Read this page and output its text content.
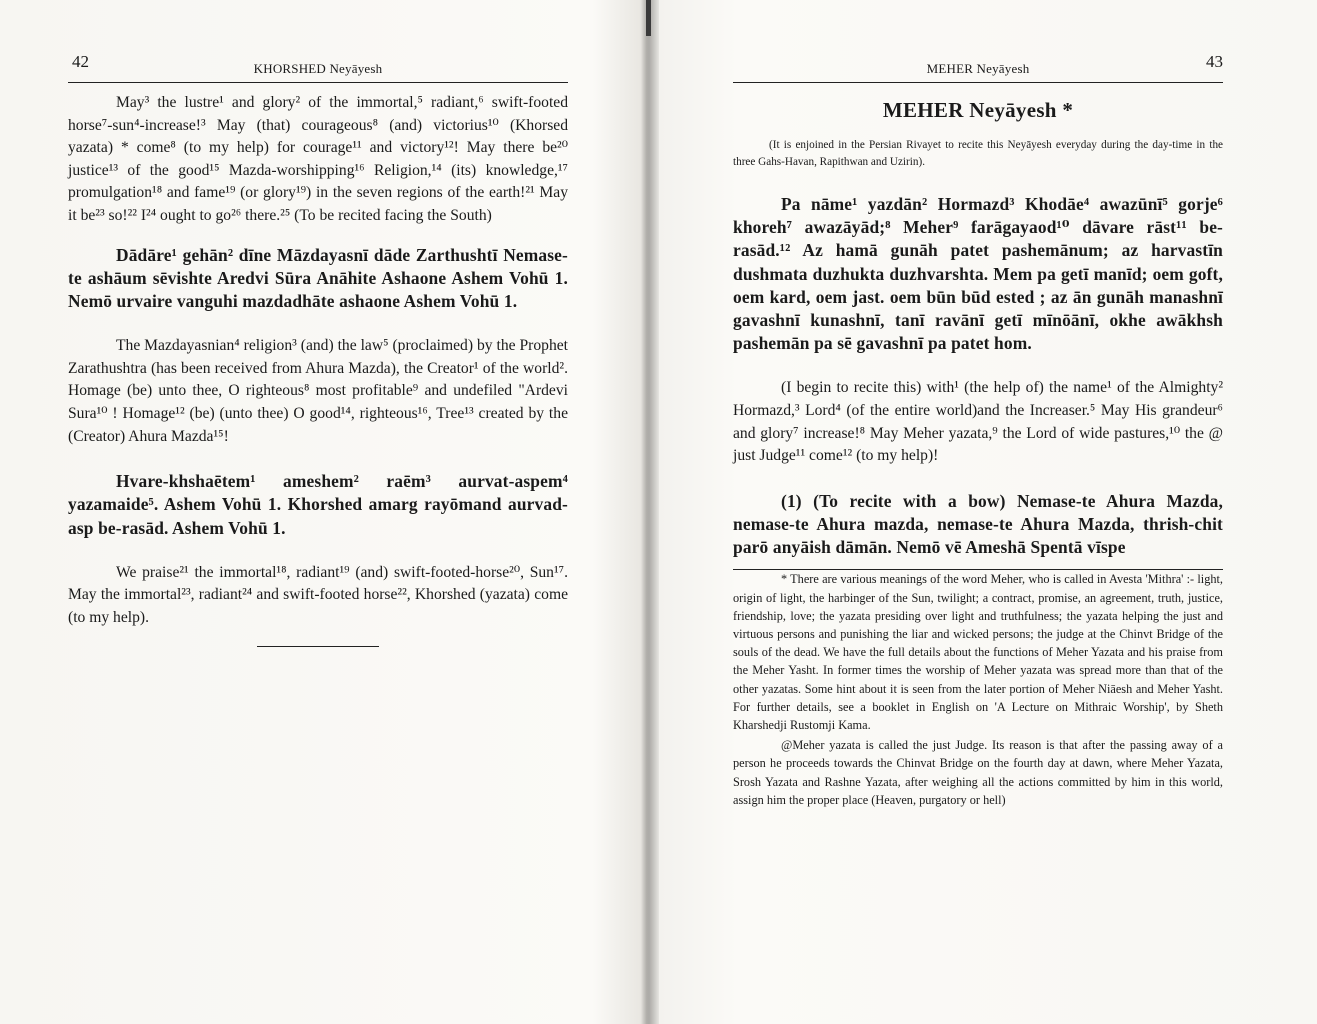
42	KHORSHED Neyāyesh

May³ the lustre¹ and glory² of the immortal,⁵ radiant,⁶ swift-footed horse⁷-sun⁴-increase!³ May (that) courageous⁸ (and) victorius¹⁰ (Khorsed yazata) * come⁸ (to my help) for courage¹¹ and victory¹²! May there be²⁰ justice¹³ of the good¹⁵ Mazda-worshipping¹⁶ Religion,¹⁴ (its) knowledge,¹⁷ promulgation¹⁸ and fame¹⁹ (or glory¹⁹) in the seven regions of the earth!²¹ May it be²³ so!²² I²⁴ ought to go²⁶ there.²⁵ (To be recited facing the South)

Dādāre¹ gehān² dīne Māzdayasnī dāde Zarthushtī Nemase-te ashāum sēvishte Aredvi Sūra Anāhite Ashaone Ashem Vohū 1. Nemō urvaire vanguhi mazdadhāte ashaone Ashem Vohū 1.

The Mazdayasnian⁴ religion³ (and) the law⁵ (proclaimed) by the Prophet Zarathushtra (has been received from Ahura Mazda), the Creator¹ of the world². Homage (be) unto thee, O righteous⁸ most profitable⁹ and undefiled "Ardevi Sura¹⁰ ! Homage¹² (be) (unto thee) O good¹⁴, righteous¹⁶, Tree¹³ created by the (Creator) Ahura Mazda¹⁵!

Hvare-khshaētem¹ ameshem² raēm³ aurvat-aspem⁴ yazamaide⁵. Ashem Vohū 1. Khorshed amarg rayōmand aurvad-asp be-rasād. Ashem Vohū 1.

We praise²¹ the immortal¹⁸, radiant¹⁹ (and) swift-footed-horse²⁰, Sun¹⁷. May the immortal²³, radiant²⁴ and swift-footed horse²², Khorshed (yazata) come (to my help).

MEHER Neyāyesh	43
MEHER Neyāyesh *

(It is enjoined in the Persian Rivayet to recite this Neyāyesh everyday during the day-time in the three Gahs-Havan, Rapithwan and Uzirin).

Pa nāme¹ yazdān² Hormazd³ Khodāe⁴ awazūnī⁵ gorje⁶ khoreh⁷ awazāyād;⁸ Meher⁹ farāgayaod¹⁰ dāvare rāst¹¹ be-rasād.¹² Az hamā gunāh patet pashemānum; az harvastīn dushmata duzhukta duzhvarshta. Mem pa getī manīd; oem goft, oem kard, oem jast. oem būn būd ested ; az ān gunāh manashnī gavashnī kunashnī, tanī ravānī getī mīnōānī, okhe awākhsh pashemān pa sē gavashnī pa patet hom.

(I begin to recite this) with¹ (the help of) the name¹ of the Almighty² Hormazd,³ Lord⁴ (of the entire world)and the Increaser.⁵ May His grandeur⁶ and glory⁷ increase!⁸ May Meher yazata,⁹ the Lord of wide pastures,¹⁰ the @ just Judge¹¹ come¹² (to my help)!

(1) (To recite with a bow) Nemase-te Ahura Mazda, nemase-te Ahura mazda, nemase-te Ahura Mazda, thrish-chit parō anyāish dāmān. Nemō vē Ameshā Spentā vīspe

* There are various meanings of the word Meher, who is called in Avesta 'Mithra' :- light, origin of light, the harbinger of the Sun, twilight; a contract, promise, an agreement, truth, justice, friendship, love; the yazata presiding over light and truthfulness; the yazata helping the just and virtuous persons and punishing the liar and wicked persons; the judge at the Chinvt Bridge of the souls of the dead. We have the full details about the functions of Meher Yazata and his praise from the Meher Yasht. In former times the worship of Meher yazata was spread more than that of the other yazatas. Some hint about it is seen from the later portion of Meher Niāesh and Meher Yasht. For further details, see a booklet in English on 'A Lecture on Mithraic Worship', by Sheth Kharshedji Rustomji Kama.

@Meher yazata is called the just Judge. Its reason is that after the passing away of a person he proceeds towards the Chinvat Bridge on the fourth day at dawn, where Meher Yazata, Srosh Yazata and Rashne Yazata, after weighing all the actions committed by him in this world, assign him the proper place (Heaven, purgatory or hell)
